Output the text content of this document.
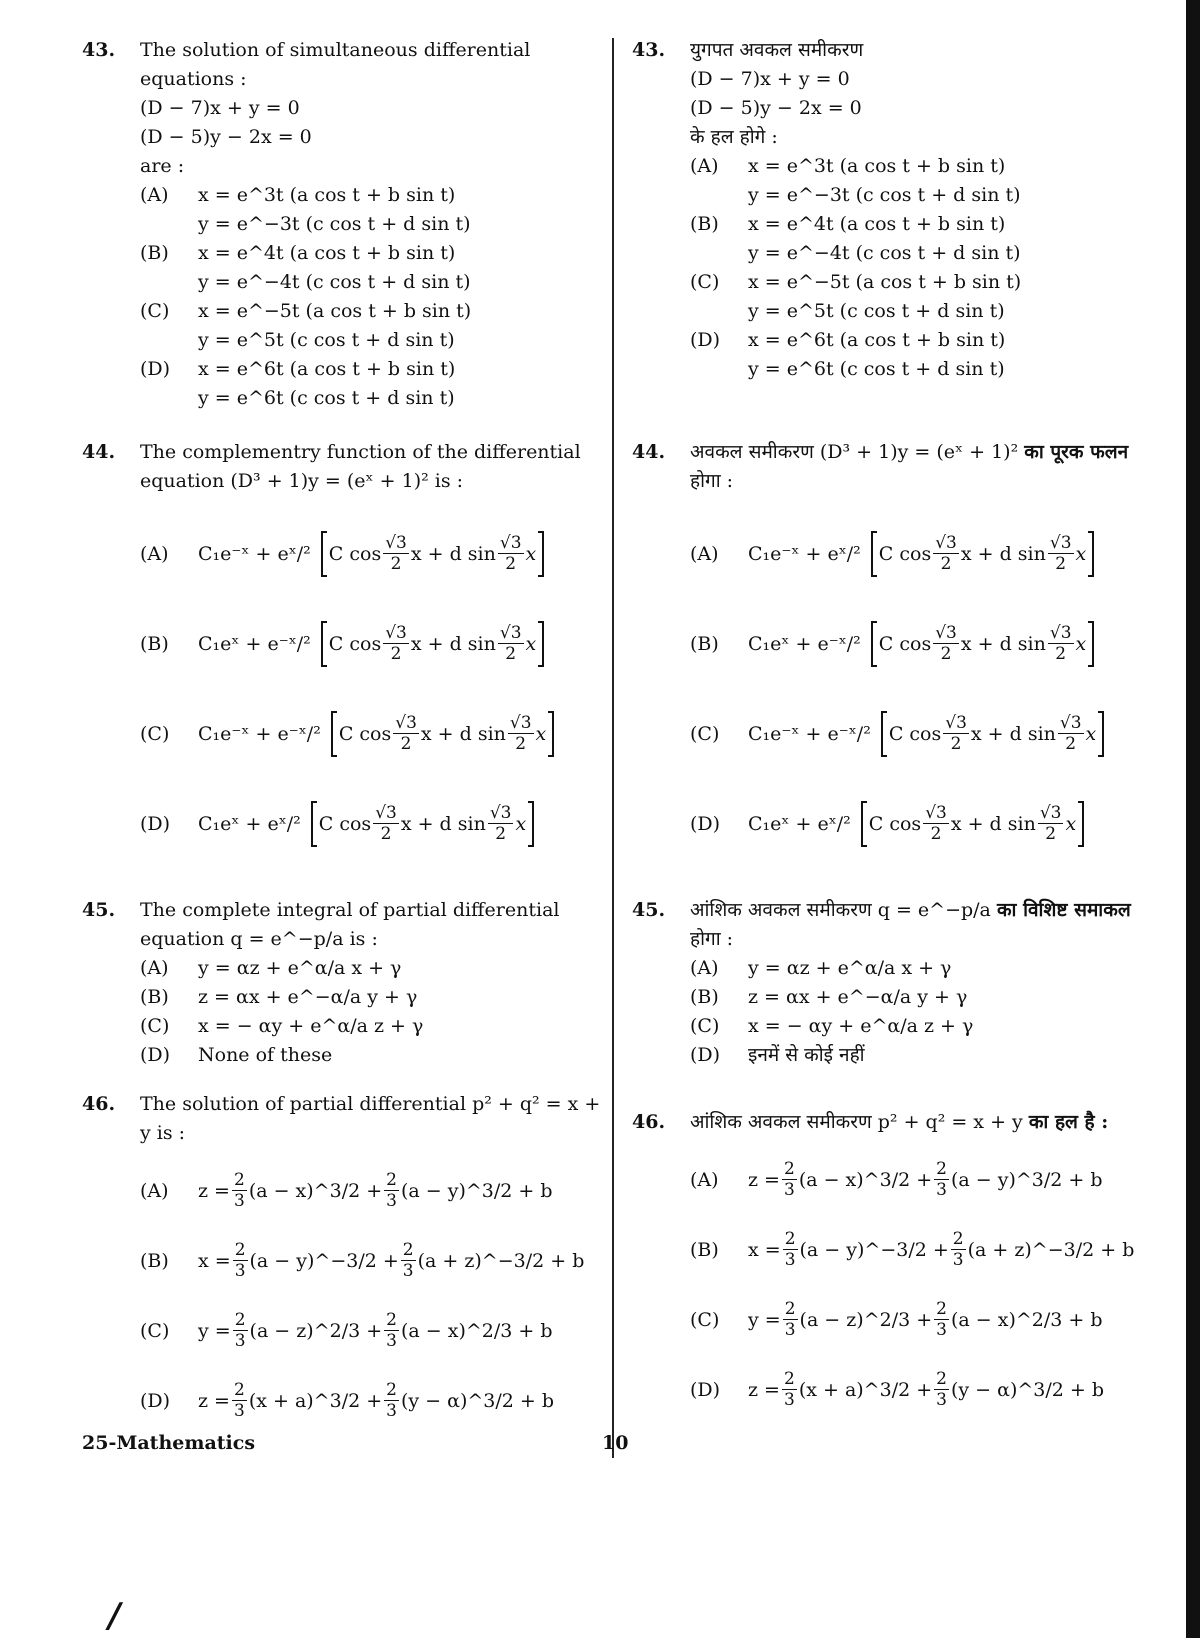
43. The solution of simultaneous differential equations :
(D − 7)x + y = 0
(D − 5)y − 2x = 0
are :
(A) x = e^3t (a cos t + b sin t)
y = e^−3t (c cos t + d sin t)
(B) x = e^4t (a cos t + b sin t)
y = e^−4t (c cos t + d sin t)
(C) x = e^−5t (a cos t + b sin t)
y = e^5t (c cos t + d sin t)
(D) x = e^6t (a cos t + b sin t)
y = e^6t (c cos t + d sin t)
44. The complementry function of the differential equation (D³ + 1)y = (eˣ + 1)² is :
(A)	C₁e⁻ˣ + eˣ/² C $\cos \frac{√3}{2}$ x + d $\sin \frac{√3}{2}$ x
(B)	C₁eˣ + e⁻ˣ/² C $\cos \frac{√3}{2}$ x + d $\sin \frac{√3}{2}$ x
(C)	C₁e⁻ˣ + e⁻ˣ/² C $\cos \frac{√3}{2}$ x + d $\sin \frac{√3}{2}$ x
(D)	C₁eˣ + eˣ/² C $\cos \frac{√3}{2}$ x + d $\sin \frac{√3}{2}$ x
45. The complete integral of partial differential equation q = e^−p/a is :
(A) y = αz + e^α/a x + γ
(B) z = αx + e^−α/a y + γ
(C) x = − αy + e^α/a z + γ
(D) None of these
46. The solution of partial differential p² + q² = x + y is :
(A)	$z = \frac{2}{3} (a$ − x)^3/2
+ $\frac{2}{3} (a$ − y)^3/2
+ b
(B)	$x = \frac{2}{3} (a$ − y)^−3/2
+ $\frac{2}{3} (a$ + z)^−3/2
+ b
(C)	$y = \frac{2}{3} (a$ − z)^2/3
+ $\frac{2}{3} (a$ − x)^2/3
+ b
(D)	$z = \frac{2}{3} (x$ + a)^3/2
+ $\frac{2}{3} (y$ − α)^3/2
+ b
43. युगपत अवकल समीकरण
(D − 7)x + y = 0
(D − 5)y − 2x = 0
के हल होगे :
(A) x = e^3t (a cos t + b sin t)
y = e^−3t (c cos t + d sin t)
(B) x = e^4t (a cos t + b sin t)
y = e^−4t (c cos t + d sin t)
(C) x = e^−5t (a cos t + b sin t)
y = e^5t (c cos t + d sin t)
(D) x = e^6t (a cos t + b sin t)
y = e^6t (c cos t + d sin t)
44. अवकल समीकरण (D³ + 1)y = (eˣ + 1)² का पूरक फलन
होगा :
(A)	C₁e⁻ˣ + eˣ/² C $\cos \frac{√3}{2}$ x + d $\sin \frac{√3}{2}$ x
(B)	C₁eˣ + e⁻ˣ/² C $\cos \frac{√3}{2}$ x + d $\sin \frac{√3}{2}$ x
(C)	C₁e⁻ˣ + e⁻ˣ/² C $\cos \frac{√3}{2}$ x + d $\sin \frac{√3}{2}$ x
(D)	C₁eˣ + eˣ/² C $\cos \frac{√3}{2}$ x + d $\sin \frac{√3}{2}$ x
45. आंशिक अवकल समीकरण q = e^−p/a का विशिष्ट समाकल
होगा :
(A) y = αz + e^α/a x + γ
(B) z = αx + e^−α/a y + γ
(C) x = − αy + e^α/a z + γ
(D) इनमें से कोई नहीं
46. आंशिक अवकल समीकरण p² + q² = x + y का हल है :
(A)	$z = \frac{2}{3} (a$ − x)^3/2
+ $\frac{2}{3} (a$ − y)^3/2
+ b
(B)	$x = \frac{2}{3} (a$ − y)^−3/2
+ $\frac{2}{3} (a$ + z)^−3/2
+ b
(C)	$y = \frac{2}{3} (a$ − z)^2/3
+ $\frac{2}{3} (a$ − x)^2/3
+ b
(D)	$z = \frac{2}{3} (x$ + a)^3/2
+ $\frac{2}{3} (y$ − α)^3/2
+ b
25-Mathematics	10
/
